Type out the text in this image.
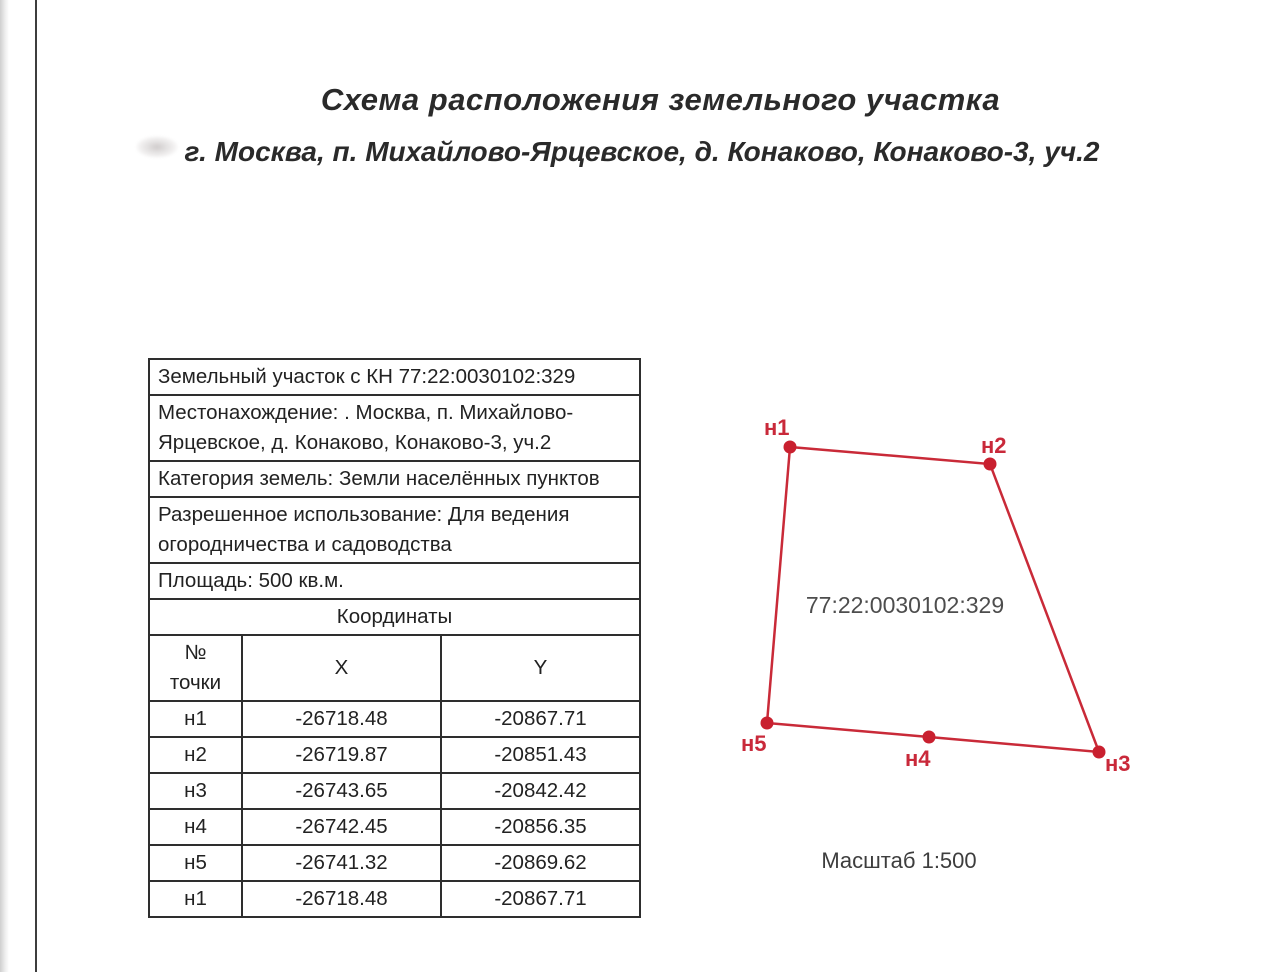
Схема расположения земельного участка
г. Москва, п. Михайлово-Ярцевское, д. Конаково, Конаково-3, уч.2
Земельный участок с КН 77:22:0030102:329		
Местонахождение: . Москва, п. Михайлово-Ярцевское, д. Конаково, Конаково-3, уч.2		
Категория земель: Земли населённых пунктов		
Разрешенное использование: Для ведения огородничества и садоводства		
Площадь: 500 кв.м.		
Координаты		
№ точки	X	Y
н1	-26718.48	-20867.71
н2	-26719.87	-20851.43
н3	-26743.65	-20842.42
н4	-26742.45	-20856.35
н5	-26741.32	-20869.62
н1	-26718.48	-20867.71
н1
н2
н3
н4
н5
77:22:0030102:329
Масштаб 1:500
